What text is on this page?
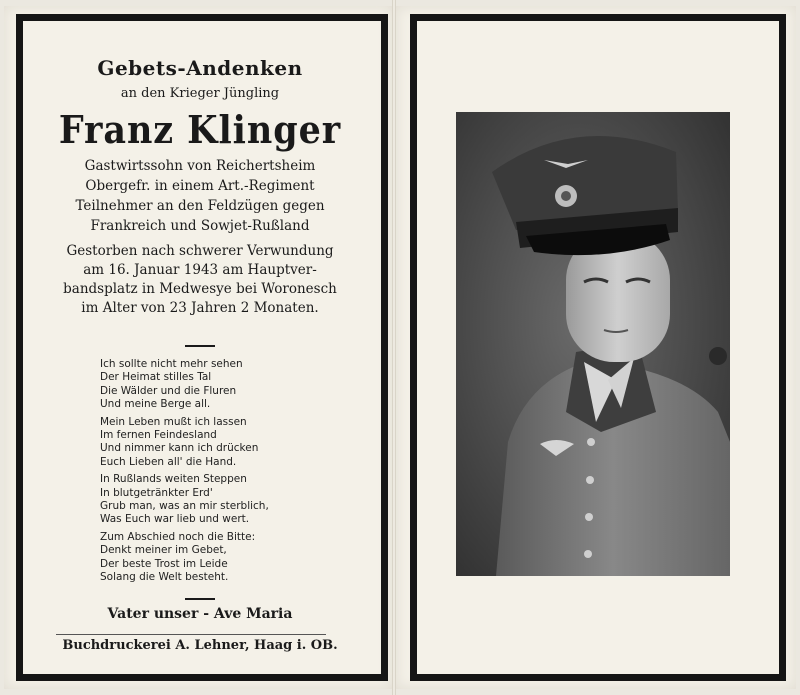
Gebets-Andenken

an den Krieger Jüngling

Franz Klinger

Gastwirtssohn von Reichertsheim
Obergefr. in einem Art.-Regiment
Teilnehmer an den Feldzügen gegen
Frankreich und Sowjet-Rußland

Gestorben nach schwerer Verwundung
am 16. Januar 1943 am Hauptver-
bandsplatz in Medwesye bei Woronesch
im Alter von 23 Jahren 2 Monaten.

Ich sollte nicht mehr sehen
Der Heimat stilles Tal
Die Wälder und die Fluren
Und meine Berge all.
Mein Leben mußt ich lassen
Im fernen Feindesland
Und nimmer kann ich drücken
Euch Lieben all' die Hand.
In Rußlands weiten Steppen
In blutgetränkter Erd'
Grub man, was an mir sterblich,
Was Euch war lieb und wert.
Zum Abschied noch die Bitte:
Denkt meiner im Gebet,
Der beste Trost im Leide
Solang die Welt besteht.
Vater unser - Ave Maria
Buchdruckerei A. Lehner, Haag i. OB.
